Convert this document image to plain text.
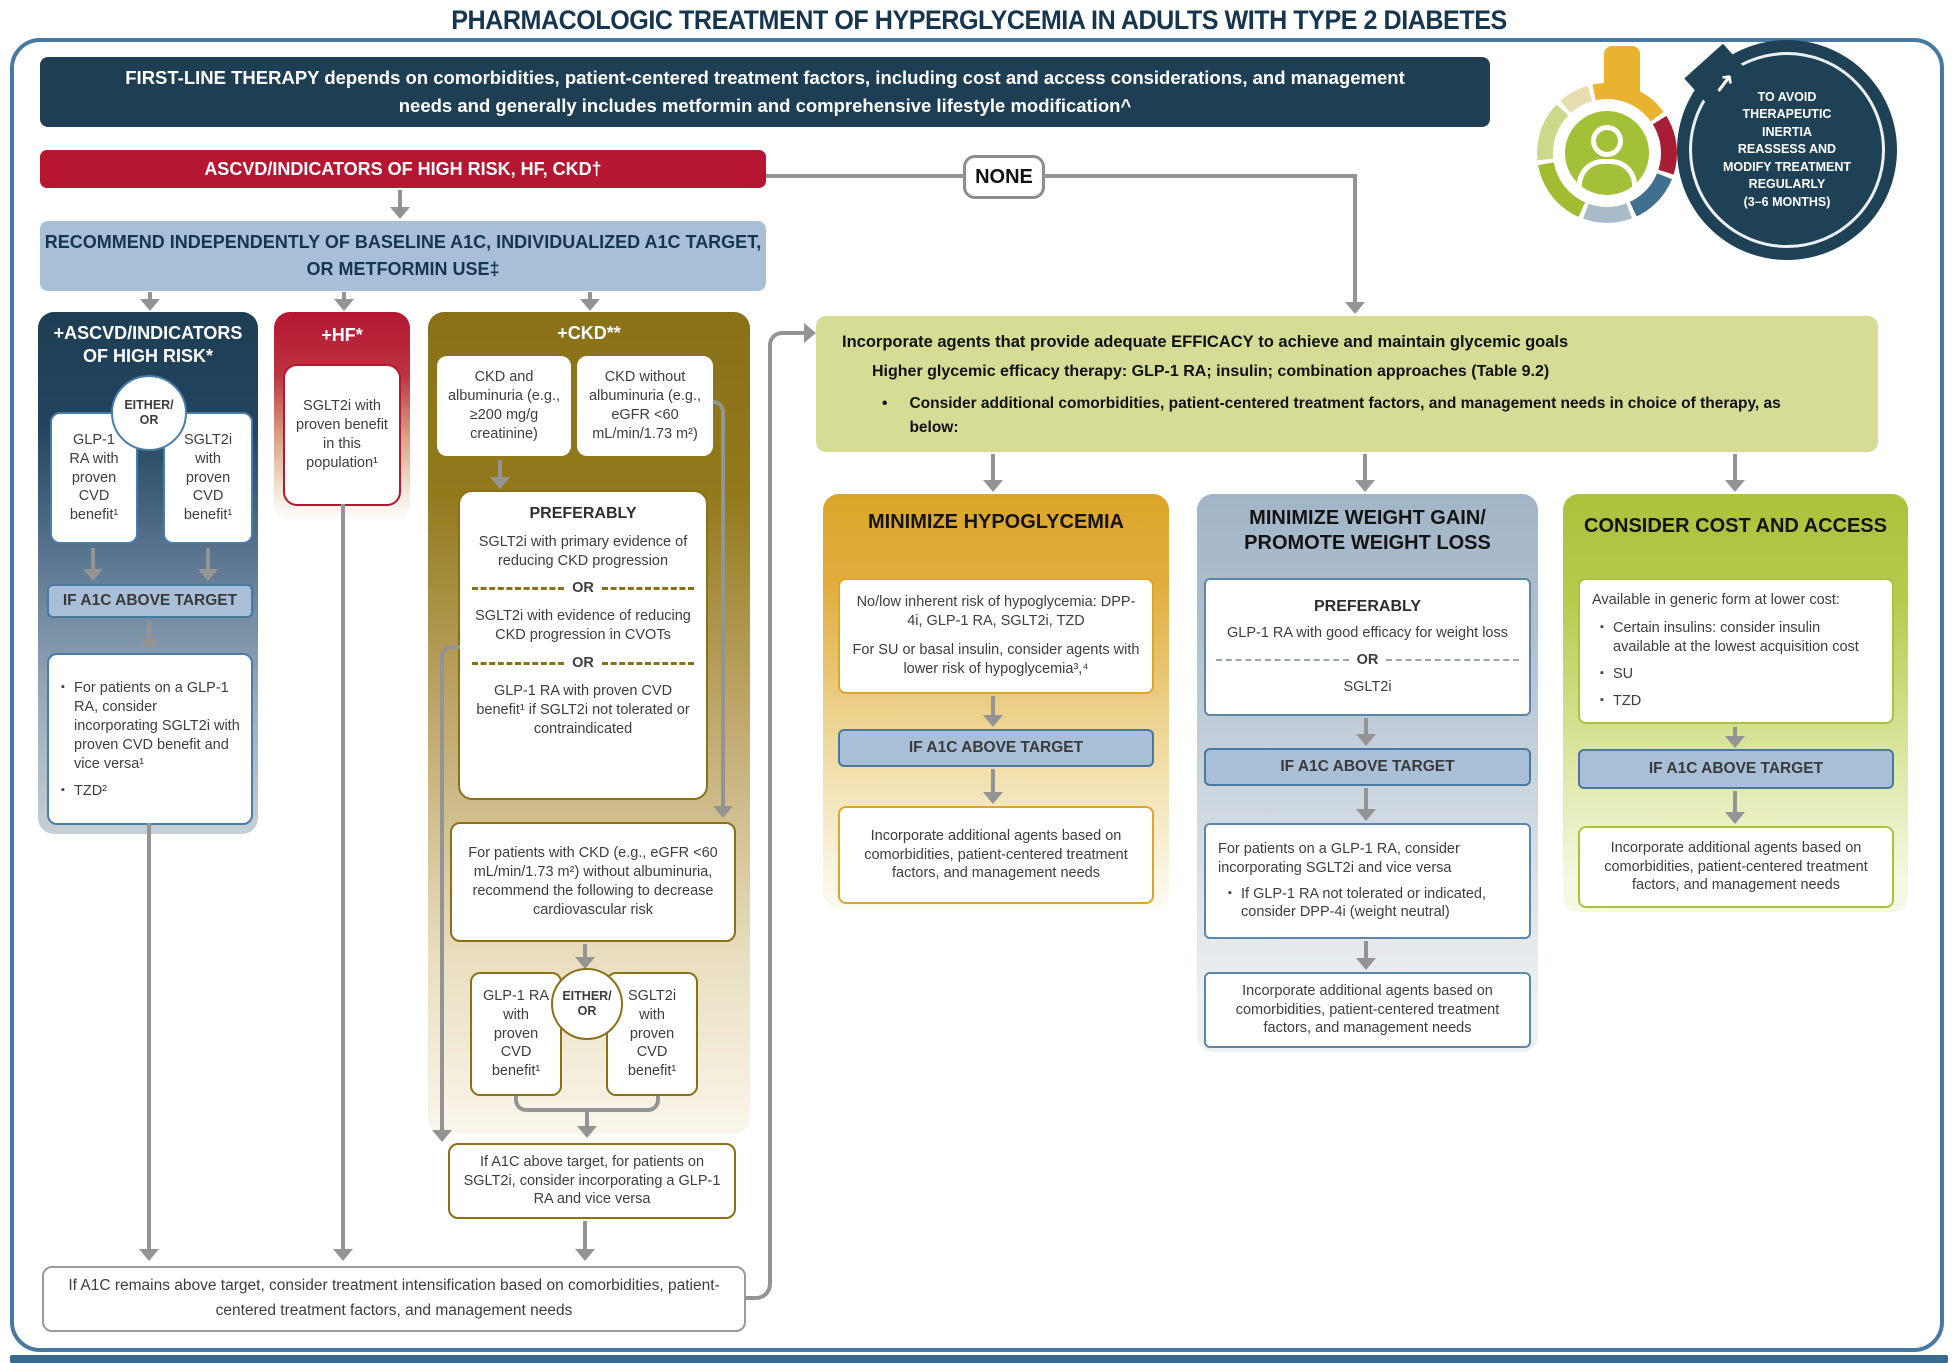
PHARMACOLOGIC TREATMENT OF HYPERGLYCEMIA IN ADULTS WITH TYPE 2 DIABETES
FIRST-LINE THERAPY depends on comorbidities, patient-centered treatment factors, including cost and access considerations, and management needs and generally includes metformin and comprehensive lifestyle modification^
ASCVD/INDICATORS OF HIGH RISK, HF, CKD†
RECOMMEND INDEPENDENTLY OF BASELINE A1C, INDIVIDUALIZED A1C TARGET, OR METFORMIN USE‡
NONE
↗	TO AVOID
THERAPEUTIC
INERTIA
REASSESS AND
MODIFY TREATMENT
REGULARLY
(3–6 MONTHS)
+ASCVD/INDICATORS OF HIGH RISK*
GLP-1 RA with proven CVD benefit¹
SGLT2i with proven CVD benefit¹
EITHER/
OR
IF A1C ABOVE TARGET
▪ For patients on a GLP-1 RA, consider incorporating SGLT2i with proven CVD benefit and vice versa¹
▪ TZD²
+HF*
SGLT2i with proven benefit in this population¹
+CKD**
CKD and albuminuria (e.g., ≥200 mg/g creatinine)
CKD without albuminuria (e.g., eGFR <60 mL/min/1.73 m²)
PREFERABLY
SGLT2i with primary evidence of reducing CKD progression
OR
SGLT2i with evidence of reducing CKD progression in CVOTs
OR
GLP-1 RA with proven CVD benefit¹ if SGLT2i not tolerated or contraindicated
For patients with CKD (e.g., eGFR <60 mL/min/1.73 m²) without albuminuria, recommend the following to decrease cardiovascular risk
GLP-1 RA with proven CVD benefit¹
SGLT2i with proven CVD benefit¹
EITHER/
OR
If A1C above target, for patients on SGLT2i, consider incorporating a GLP-1 RA and vice versa
If A1C remains above target, consider treatment intensification based on comorbidities, patient-centered treatment factors, and management needs
Incorporate agents that provide adequate EFFICACY to achieve and maintain glycemic goals
Higher glycemic efficacy therapy: GLP-1 RA; insulin; combination approaches (Table 9.2)
• Consider additional comorbidities, patient-centered treatment factors, and management needs in choice of therapy, as below:
MINIMIZE HYPOGLYCEMIA
No/low inherent risk of hypoglycemia: DPP-4i, GLP-1 RA, SGLT2i, TZD
For SU or basal insulin, consider agents with lower risk of hypoglycemia³,⁴
IF A1C ABOVE TARGET
Incorporate additional agents based on comorbidities, patient-centered treatment factors, and management needs
MINIMIZE WEIGHT GAIN/
PROMOTE WEIGHT LOSS
PREFERABLY
GLP-1 RA with good efficacy for weight loss
OR
SGLT2i
IF A1C ABOVE TARGET
For patients on a GLP-1 RA, consider incorporating SGLT2i and vice versa
▪ If GLP-1 RA not tolerated or indicated, consider DPP-4i (weight neutral)
Incorporate additional agents based on comorbidities, patient-centered treatment factors, and management needs
CONSIDER COST AND ACCESS
Available in generic form at lower cost:
▪ Certain insulins: consider insulin available at the lowest acquisition cost
▪ SU
▪ TZD
IF A1C ABOVE TARGET
Incorporate additional agents based on comorbidities, patient-centered treatment factors, and management needs
